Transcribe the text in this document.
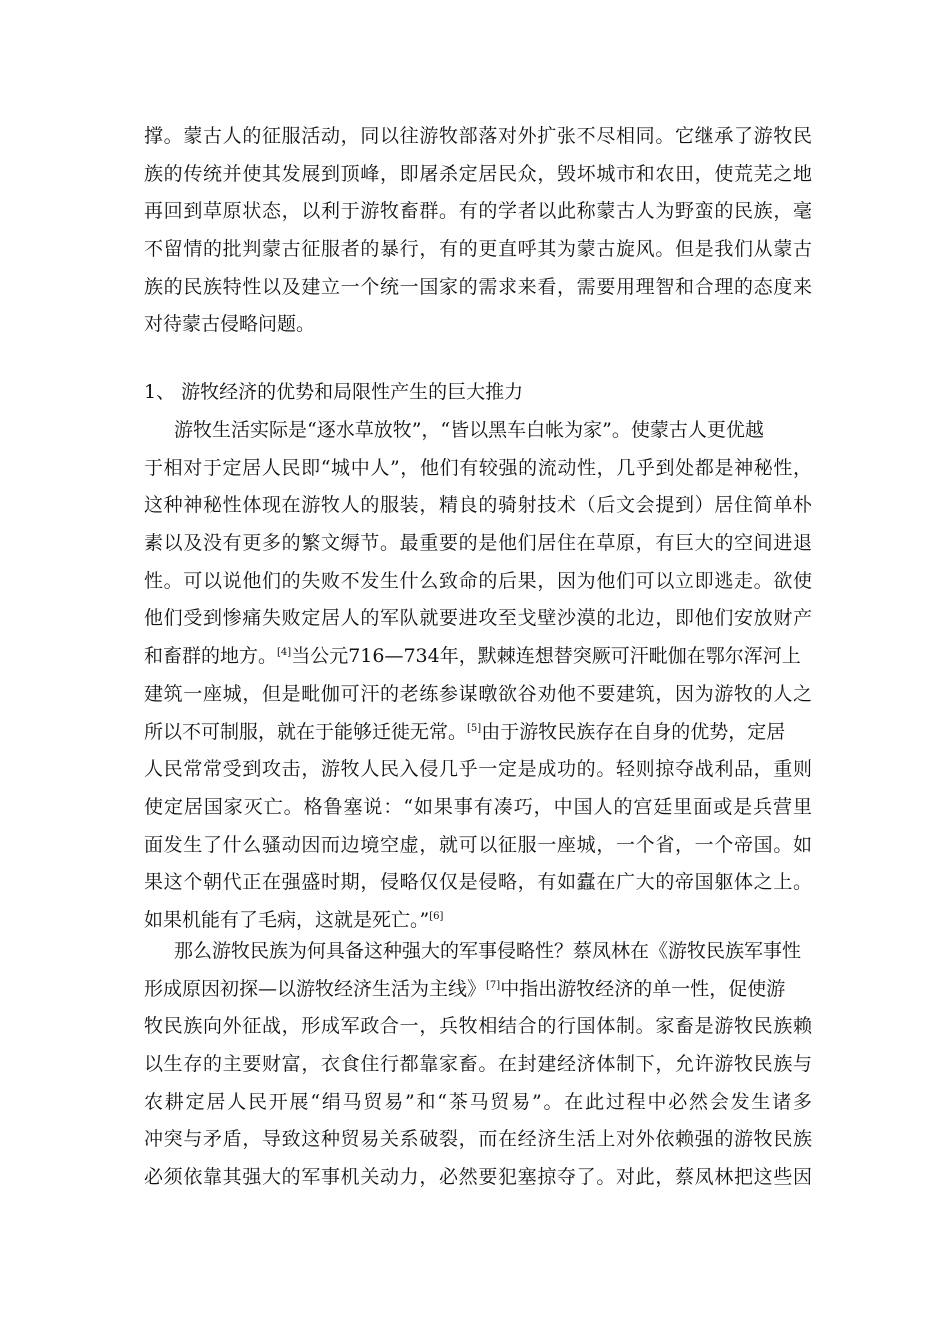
撑。蒙古人的征服活动，同以往游牧部落对外扩张不尽相同。它继承了游牧民
族的传统并使其发展到顶峰，即屠杀定居民众，毁坏城市和农田，使荒芜之地
再回到草原状态，以利于游牧畜群。有的学者以此称蒙古人为野蛮的民族，毫
不留情的批判蒙古征服者的暴行，有的更直呼其为蒙古旋风。但是我们从蒙古
族的民族特性以及建立一个统一国家的需求来看，需要用理智和合理的态度来
对待蒙古侵略问题。
1、 游牧经济的优势和局限性产生的巨大推力
游牧生活实际是“逐水草放牧”，“皆以黑车白帐为家”。使蒙古人更优越
于相对于定居人民即“城中人”，他们有较强的流动性，几乎到处都是神秘性，
这种神秘性体现在游牧人的服装，精良的骑射技术（后文会提到）居住简单朴
素以及没有更多的繁文缛节。最重要的是他们居住在草原，有巨大的空间进退
性。可以说他们的失败不发生什么致命的后果，因为他们可以立即逃走。欲使
他们受到惨痛失败定居人的军队就要进攻至戈壁沙漠的北边，即他们安放财产
和畜群的地方。[4]当公元716—734年，默棘连想替突厥可汗毗伽在鄂尔浑河上
建筑一座城，但是毗伽可汗的老练参谋暾欲谷劝他不要建筑，因为游牧的人之
所以不可制服，就在于能够迁徙无常。[5]由于游牧民族存在自身的优势，定居
人民常常受到攻击，游牧人民入侵几乎一定是成功的。轻则掠夺战利品，重则
使定居国家灭亡。格鲁塞说：“如果事有凑巧，中国人的宫廷里面或是兵营里
面发生了什么骚动因而边境空虚，就可以征服一座城，一个省，一个帝国。如
果这个朝代正在强盛时期，侵略仅仅是侵略，有如蠹在广大的帝国躯体之上。
如果机能有了毛病，这就是死亡。”[6]
那么游牧民族为何具备这种强大的军事侵略性？蔡凤林在《游牧民族军事性
形成原因初探—以游牧经济生活为主线》[7]中指出游牧经济的单一性，促使游
牧民族向外征战，形成军政合一，兵牧相结合的行国体制。家畜是游牧民族赖
以生存的主要财富，衣食住行都靠家畜。在封建经济体制下，允许游牧民族与
农耕定居人民开展“绢马贸易”和“茶马贸易”。在此过程中必然会发生诸多
冲突与矛盾，导致这种贸易关系破裂，而在经济生活上对外依赖强的游牧民族
必须依靠其强大的军事机关动力，必然要犯塞掠夺了。对此，蔡凤林把这些因
